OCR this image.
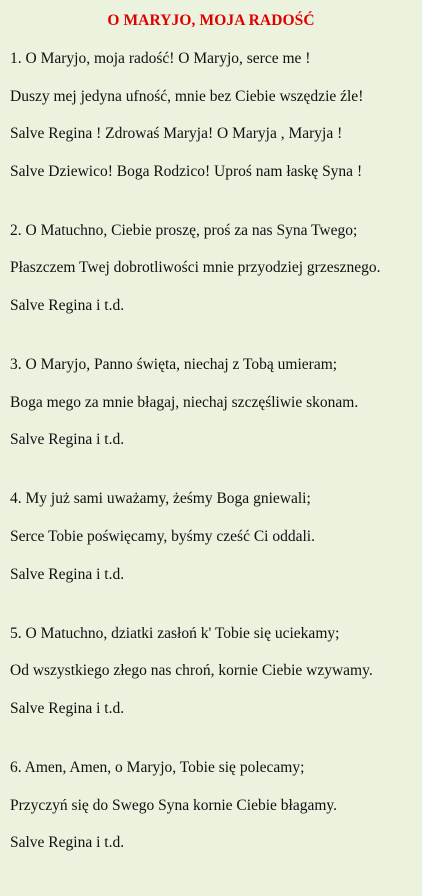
O MARYJO, MOJA RADOŚĆ
1. O Maryjo, moja radość! O Maryjo, serce me !
Duszy mej jedyna ufność, mnie bez Ciebie wszędzie źle!
Salve Regina ! Zdrowaś Maryja! O Maryja , Maryja !
Salve Dziewico! Boga Rodzico! Uproś nam łaskę Syna !
2. O Matuchno, Ciebie proszę, proś za nas Syna Twego;
Płaszczem Twej dobrotliwości mnie przyodziej grzesznego.
Salve Regina i t.d.
3. O Maryjo, Panno święta, niechaj z Tobą umieram;
Boga mego za mnie błagaj, niechaj szczęśliwie skonam.
Salve Regina i t.d.
4. My już sami uważamy, żeśmy Boga gniewali;
Serce Tobie poświęcamy, byśmy cześć Ci oddali.
Salve Regina i t.d.
5. O Matuchno, dziatki zasłoń k' Tobie się uciekamy;
Od wszystkiego złego nas chroń, kornie Ciebie wzywamy.
Salve Regina i t.d.
6. Amen, Amen, o Maryjo, Tobie się polecamy;
Przyczyń się do Swego Syna kornie Ciebie błagamy.
Salve Regina i t.d.
